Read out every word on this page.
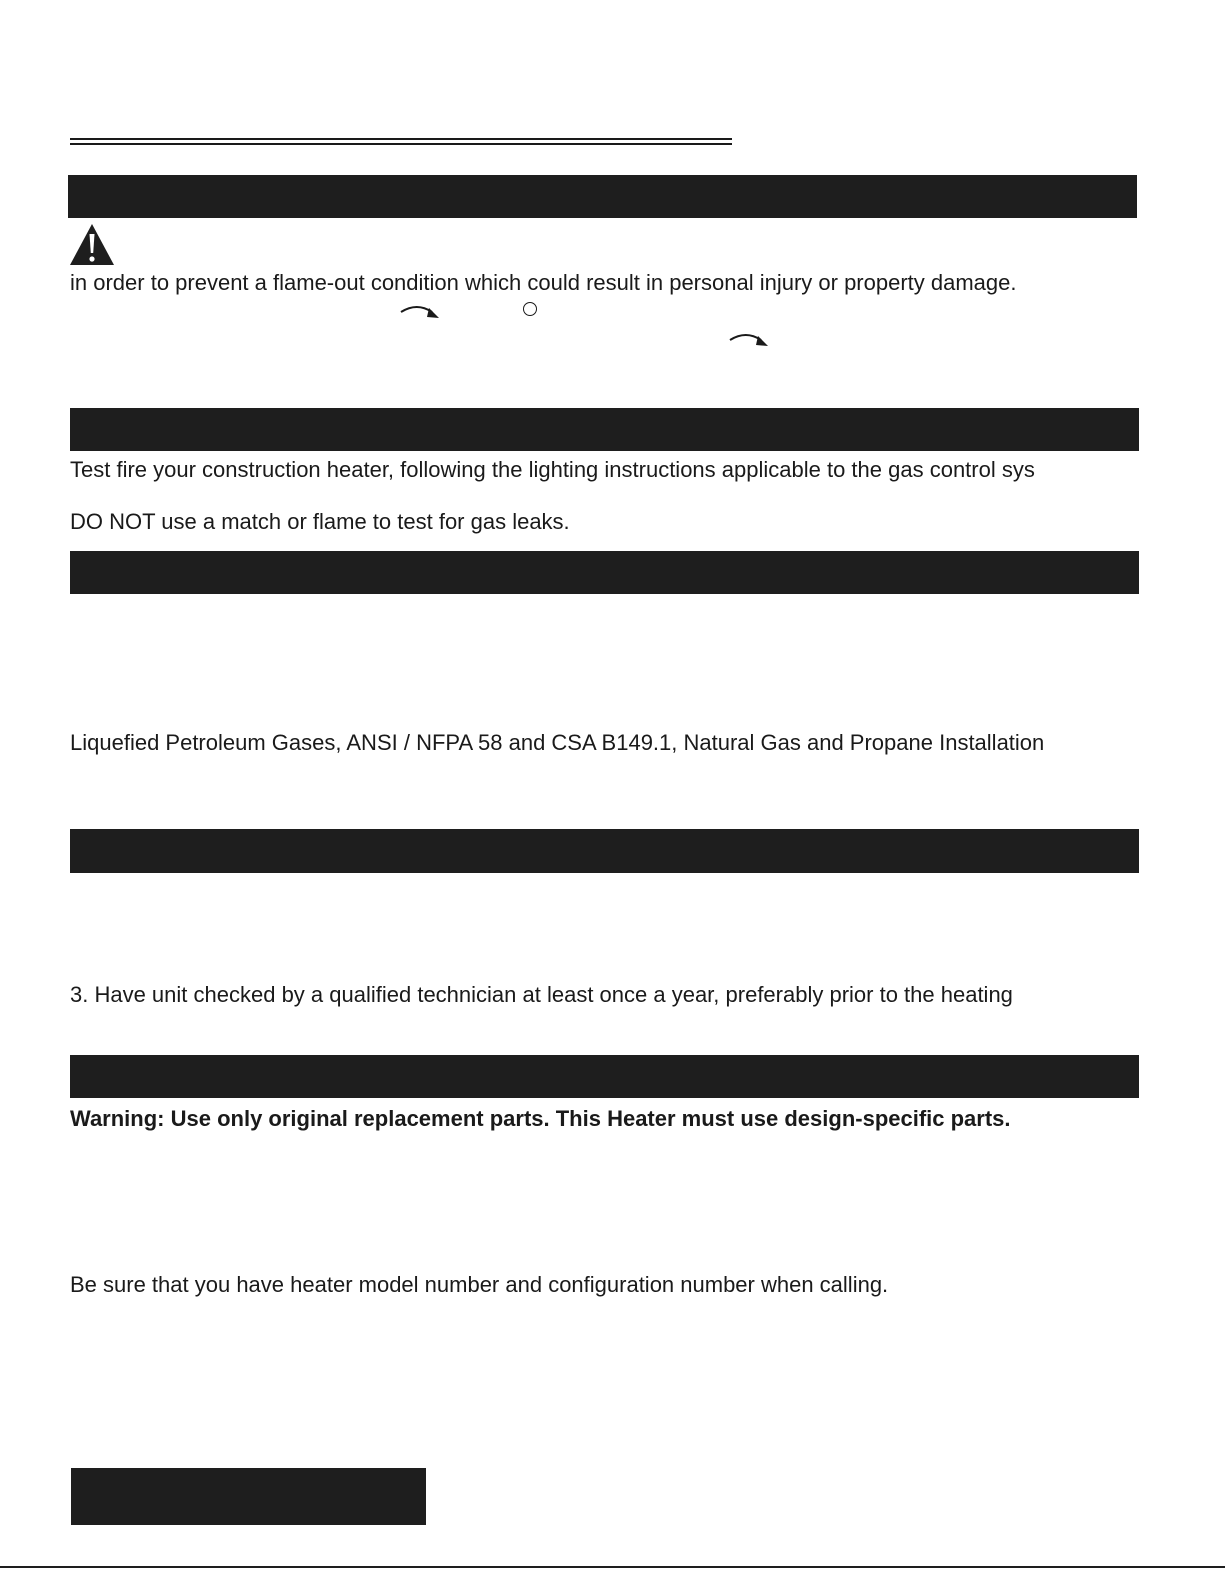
in order to prevent a flame-out condition which could result in personal injury or property damage.
Test fire your construction heater, following the lighting instructions applicable to the gas control sys
DO NOT use a match or flame to test for gas leaks.
Liquefied Petroleum Gases, ANSI / NFPA 58 and CSA B149.1, Natural Gas and Propane Installation
3. Have unit checked by a qualified technician at least once a year, preferably prior to the heating
Warning: Use only original replacement parts. This Heater must use design-specific parts.
Be sure that you have heater model number and configuration number when calling.
